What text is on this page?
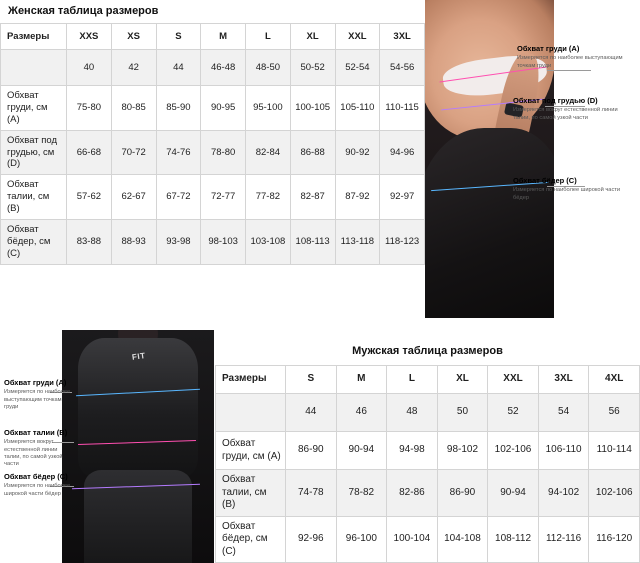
Женская таблица размеров
Размеры	XXS	XS	S	M	L	XL	XXL	3XL
	40	42	44	46-48	48-50	50-52	52-54	54-56
Обхват груди, см (A)	75-80	80-85	85-90	90-95	95-100	100-105	105-110	110-115
Обхват под грудью, см (D)	66-68	70-72	74-76	78-80	82-84	86-88	90-92	94-96
Обхват талии, см (B)	57-62	62-67	67-72	72-77	77-82	82-87	87-92	92-97
Обхват бёдер, см (C)	83-88	88-93	93-98	98-103	103-108	108-113	113-118	118-123
Обхват груди (A)
Измеряется по наиболее выступающим точкам груди
Обхват под грудью (D)
Измеряется вокруг естественной линии талии, по самой узкой части
Обхват бёдер (C)
Измеряется по наиболее широкой части бёдер
FIT
Обхват груди (A)
Измеряется по наиболее выступающим точкам груди
Обхват талии (B)
Измеряется вокруг естественной линии талии, по самой узкой части
Обхват бёдер (C)
Измеряется по наиболее широкой части бёдер
Мужская таблица размеров
Размеры	S	M	L	XL	XXL	3XL	4XL
	44	46	48	50	52	54	56
Обхват груди, см (A)	86-90	90-94	94-98	98-102	102-106	106-110	110-114
Обхват талии, см (B)	74-78	78-82	82-86	86-90	90-94	94-102	102-106
Обхват бёдер, см (C)	92-96	96-100	100-104	104-108	108-112	112-116	116-120
